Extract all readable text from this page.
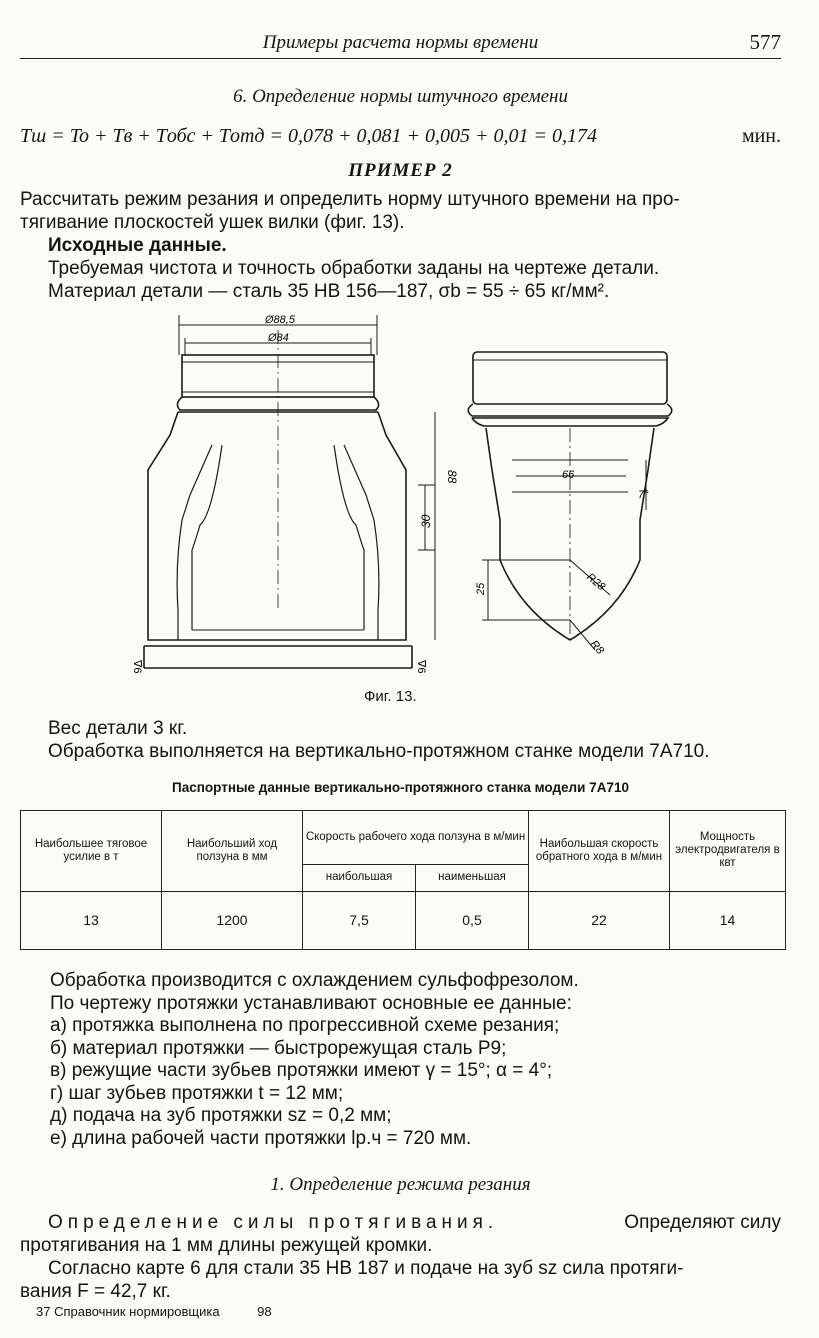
Примеры расчета нормы времени	577
6. Определение нормы штучного времени
Tш = To + Tв + Tобс + Tотд = 0,078 + 0,081 + 0,005 + 0,01 = 0,174	мин.
ПРИМЕР 2
Рассчитать режим резания и определить норму штучного времени на про-
тягивание плоскостей ушек вилки (фиг. 13).
Исходные данные.
Требуемая чистота и точность обработки заданы на чертеже детали.
Материал детали — сталь 35 HB 156—187, σb = 55 ÷ 65 кг/мм².
Ø88,5
Ø84
88
30
66
7°
25	R28
R8
∇6	∇6
Фиг. 13.
Вес детали 3 кг.
Обработка выполняется на вертикально-протяжном станке модели 7А710.
Паспортные данные вертикально-протяжного станка модели 7А710
Наибольшее тяговое усилие в т	Наибольший ход ползуна в мм	Скорость рабочего хода ползуна в м/мин		Наибольшая скорость обратного хода в м/мин	Мощность электродвигателя в квт
		наибольшая	наименьшая		
13	1200	7,5	0,5	22	14
Обработка производится с охлаждением сульфофрезолом.
По чертежу протяжки устанавливают основные ее данные:
а) протяжка выполнена по прогрессивной схеме резания;
б) материал протяжки — быстрорежущая сталь Р9;
в) режущие части зубьев протяжки имеют γ = 15°; α = 4°;
г) шаг зубьев протяжки t = 12 мм;
д) подача на зуб протяжки sz = 0,2 мм;
е) длина рабочей части протяжки lр.ч = 720 мм.
1. Определение режима резания
Определение силы протягивания.	Определяют силу
протягивания на 1 мм длины режущей кромки.
Согласно карте 6 для стали 35 HB 187 и подаче на зуб sz сила протяги-
вания F = 42,7 кг.
37 Справочник нормировщика	98
